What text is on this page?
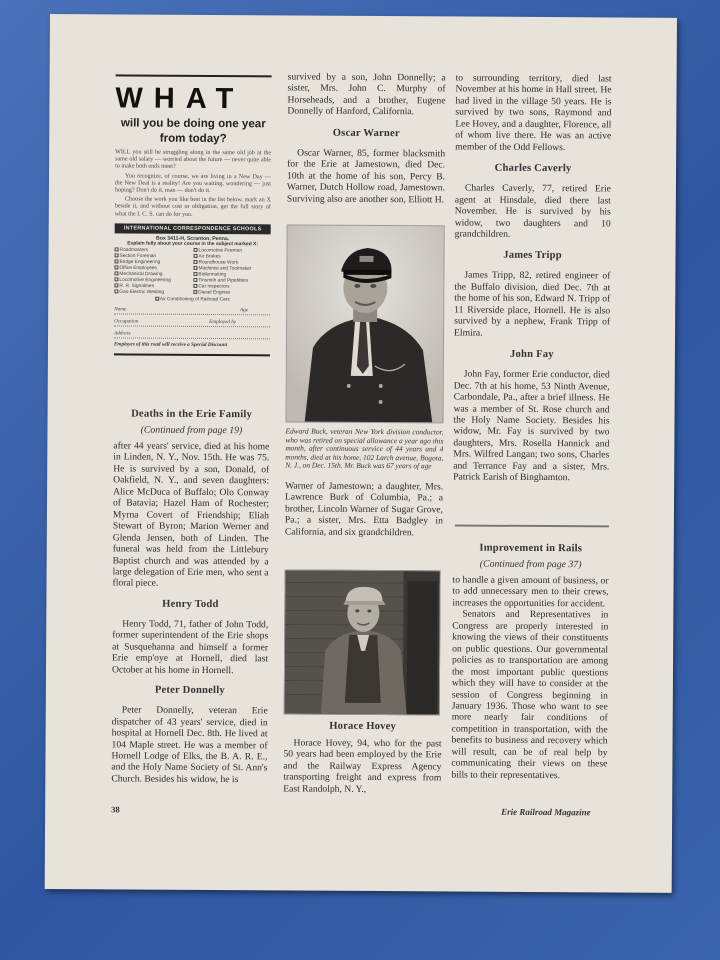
WHAT
will you be doing one year from today?

WILL you still be struggling along in the same old job at the same old salary — worried about the future — never quite able to make both ends meet?

You recognize, of course, we are living in a New Day — the New Deal is a reality! Are you waiting, wondering — just hoping? Don't do it, man — don't do it.

Choose the work you like best in the list below, mark an X beside it, and without cost or obligation, get the full story of what the I. C. S. can do for you.

INTERNATIONAL CORRESPONDENCE SCHOOLS
Box 3411-H, Scranton, Penna.
Explain fully about your course in the subject marked X:
Roadmasters	Locomotive Fireman
Section Foreman	Air Brakes
Bridge Engineering	Roundhouse Work
Office Employees	Machinist and Toolmaker
Mechanical Drawing	Boilermaking
Locomotive Engineering	Tinsmith and Pipefitters
R. R. Signalmen	Car Inspectors
Gas-Electric Welding	Diesel Engines
Air Conditioning of Railroad Cars
Name	Age
Occupation	Employed by
Address
Employes of this road will receive a Special Discount
Deaths in the Erie Family
(Continued from page 19)

after 44 years' service, died at his home in Linden, N. Y., Nov. 15th. He was 75. He is survived by a son, Donald, of Oakfield, N. Y., and seven daughters: Alice McDuca of Buffalo; Olo Conway of Batavia; Hazel Ham of Rochester; Myrna Covert of Friendship; Eliah Stewart of Byron; Marion Werner and Glenda Jensen, both of Linden. The funeral was held from the Littlebury Baptist church and was attended by a large delegation of Erie men, who sent a floral piece.

Henry Todd

Henry Todd, 71, father of John Todd, former superintendent of the Erie shops at Susquehanna and himself a former Erie emp'oye at Hornell, died last October at his home in Hornell.

Peter Donnelly

Peter Donnelly, veteran Erie dispatcher of 43 years' service, died in hospital at Hornell Dec. 8th. He lived at 104 Maple street. He was a member of Hornell Lodge of Elks, the B. A. R. E., and the Holy Name Society of St. Ann's Church. Besides his widow, he is

survived by a son, John Donnelly; a sister, Mrs. John C. Murphy of Horseheads, and a brother, Eugene Donnelly of Hanford, California.

Oscar Warner

Oscar Warner, 85, former blacksmith for the Erie at Jamestown, died Dec. 10th at the home of his son, Percy B. Warner, Dutch Hollow road, Jamestown. Surviving also are another son, Elliott H.

Edward Buck, veteran New York division conductor, who was retired on special allowance a year ago this month, after continuous service of 44 years and 4 months, died at his home, 102 Larch avenue, Bogota, N. J., on Dec. 15th. Mr. Buck was 67 years of age

Warner of Jamestown; a daughter, Mrs. Lawrence Burk of Columbia, Pa.; a brother, Lincoln Warner of Sugar Grove, Pa.; a sister, Mrs. Etta Badgley in California, and six grandchildren.

Horace Hovey

Horace Hovey, 94, who for the past 50 years had been employed by the Erie and the Railway Express Agency transporting freight and express from East Randolph, N. Y.,

to surrounding territory, died last November at his home in Hall street. He had lived in the village 50 years. He is survived by two sons, Raymond and Lee Hovey, and a daughter, Florence, all of whom live there. He was an active member of the Odd Fellows.

Charles Caverly

Charles Caverly, 77, retired Erie agent at Hinsdale, died there last November. He is survived by his widow, two daughters and 10 grandchildren.

James Tripp

James Tripp, 82, retired engineer of the Buffalo division, died Dec. 7th at the home of his son, Edward N. Tripp of 11 Riverside place, Hornell. He is also survived by a nephew, Frank Tripp of Elmira.

John Fay

John Fay, former Erie conductor, died Dec. 7th at his home, 53 Ninth Avenue, Carbondale, Pa., after a brief illness. He was a member of St. Rose church and the Holy Name Society. Besides his widow, Mr. Fay is survived by two daughters, Mrs. Rosella Hannick and Mrs. Wilfred Langan; two sons, Charles and Terrance Fay and a sister, Mrs. Patrick Earish of Binghamton.

Improvement in Rails
(Continued from page 37)

to handle a given amount of business, or to add unnecessary men to their crews, increases the opportunities for accident.

Senators and Representatives in Congress are properly interested in knowing the views of their constituents on public questions. Our governmental policies as to transportation are among the most important public questions which they will have to consider at the session of Congress beginning in January 1936. Those who want to see more nearly fair conditions of competition in transportation, with the benefits to business and recovery which will result, can be of real help by communicating their views on these bills to their representatives.

38	Erie Railroad Magazine
